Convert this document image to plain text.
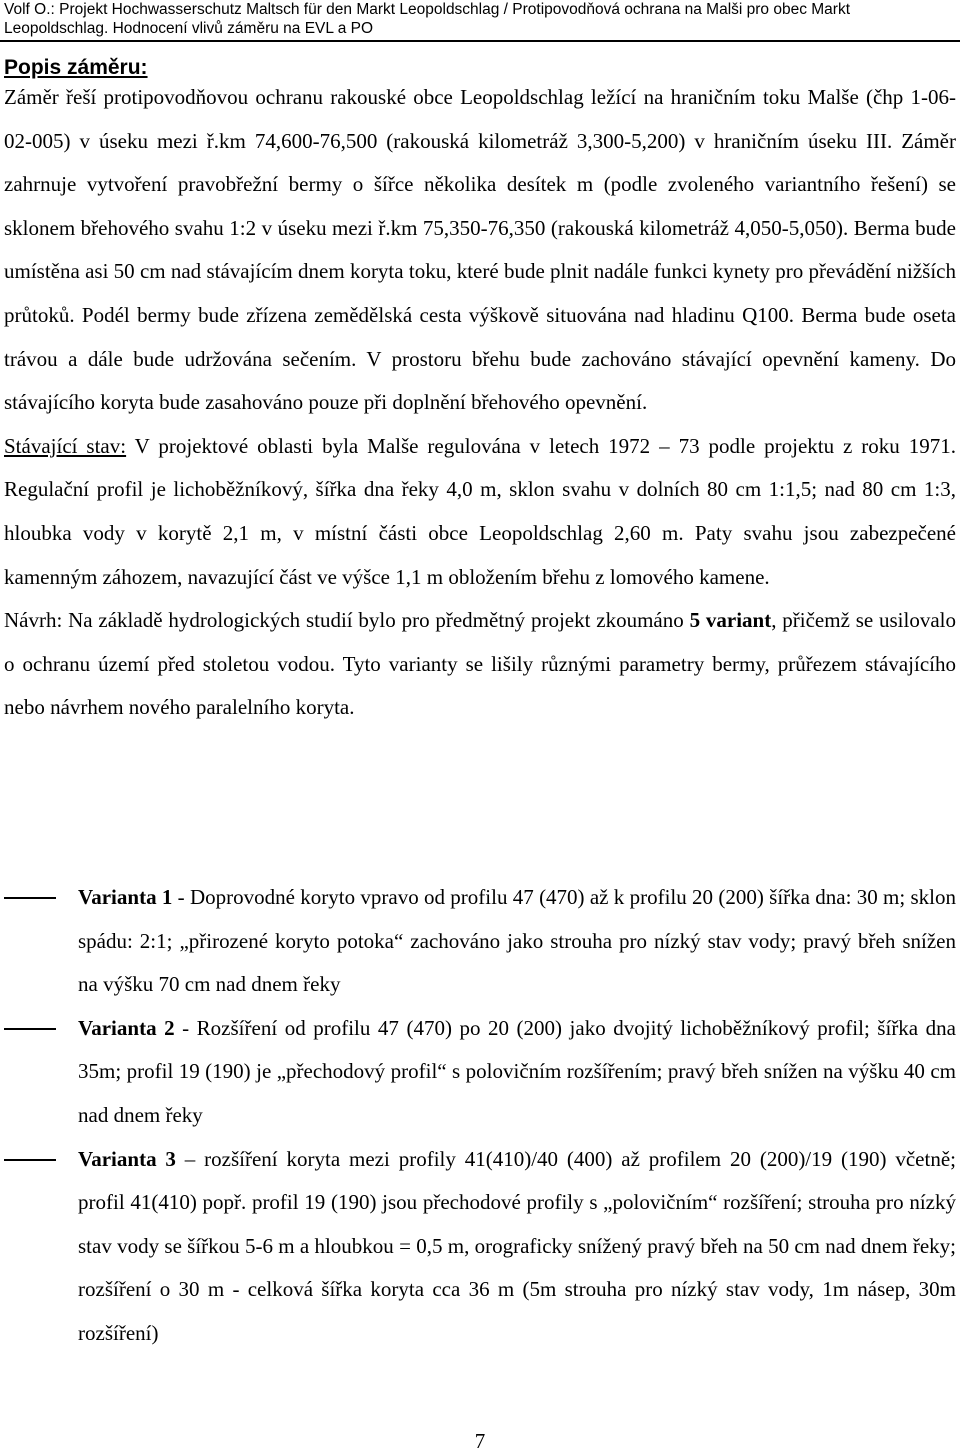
Volf O.: Projekt Hochwasserschutz Maltsch für den Markt Leopoldschlag / Protipovodňová ochrana na Malši pro obec Markt
Leopoldschlag. Hodnocení vlivů záměru na EVL a PO
Popis záměru:

Záměr řeší protipovodňovou ochranu rakouské obce Leopoldschlag ležící na hraničním toku Malše (čhp 1-06-02-005) v úseku mezi ř.km 74,600-76,500 (rakouská kilometráž 3,300-5,200) v hraničním úseku III. Záměr zahrnuje vytvoření pravobřežní bermy o šířce několika desítek m (podle zvoleného variantního řešení) se sklonem břehového svahu 1:2 v úseku mezi ř.km 75,350-76,350 (rakouská kilometráž 4,050-5,050). Berma bude umístěna asi 50 cm nad stávajícím dnem koryta toku, které bude plnit nadále funkci kynety pro převádění nižších průtoků. Podél bermy bude zřízena zemědělská cesta výškově situována nad hladinu Q100. Berma bude oseta trávou a dále bude udržována sečením. V prostoru břehu bude zachováno stávající opevnění kameny. Do stávajícího koryta bude zasahováno pouze při doplnění břehového opevnění.

Stávající stav: V projektové oblasti byla Malše regulována v letech 1972 – 73 podle projektu z roku 1971. Regulační profil je lichoběžníkový, šířka dna řeky 4,0 m, sklon svahu v dolních 80 cm 1:1,5; nad 80 cm 1:3, hloubka vody v korytě 2,1 m, v místní části obce Leopoldschlag 2,60 m. Paty svahu jsou zabezpečené kamenným záhozem, navazující část ve výšce 1,1 m obložením břehu z lomového kamene.

Návrh: Na základě hydrologických studií bylo pro předmětný projekt zkoumáno 5 variant, přičemž se usilovalo o ochranu území před stoletou vodou. Tyto varianty se lišily různými parametry bermy, průřezem stávajícího nebo návrhem nového paralelního koryta.

Varianta 1 - Doprovodné koryto vpravo od profilu 47 (470) až k profilu 20 (200) šířka dna: 30 m; sklon spádu: 2:1; „přirozené koryto potoka“ zachováno jako strouha pro nízký stav vody; pravý břeh snížen na výšku 70 cm nad dnem řeky
Varianta 2 - Rozšíření od profilu 47 (470) po 20 (200) jako dvojitý lichoběžníkový profil; šířka dna 35m; profil 19 (190) je „přechodový profil“ s polovičním rozšířením; pravý břeh snížen na výšku 40 cm nad dnem řeky
Varianta 3 – rozšíření koryta mezi profily 41(410)/40 (400) až profilem 20 (200)/19 (190) včetně; profil 41(410) popř. profil 19 (190) jsou přechodové profily s „polovičním“ rozšíření; strouha pro nízký stav vody se šířkou 5-6 m a hloubkou = 0,5 m, orograficky snížený pravý břeh na 50 cm nad dnem řeky; rozšíření o 30 m - celková šířka koryta cca 36 m (5m strouha pro nízký stav vody, 1m násep, 30m rozšíření)
7
